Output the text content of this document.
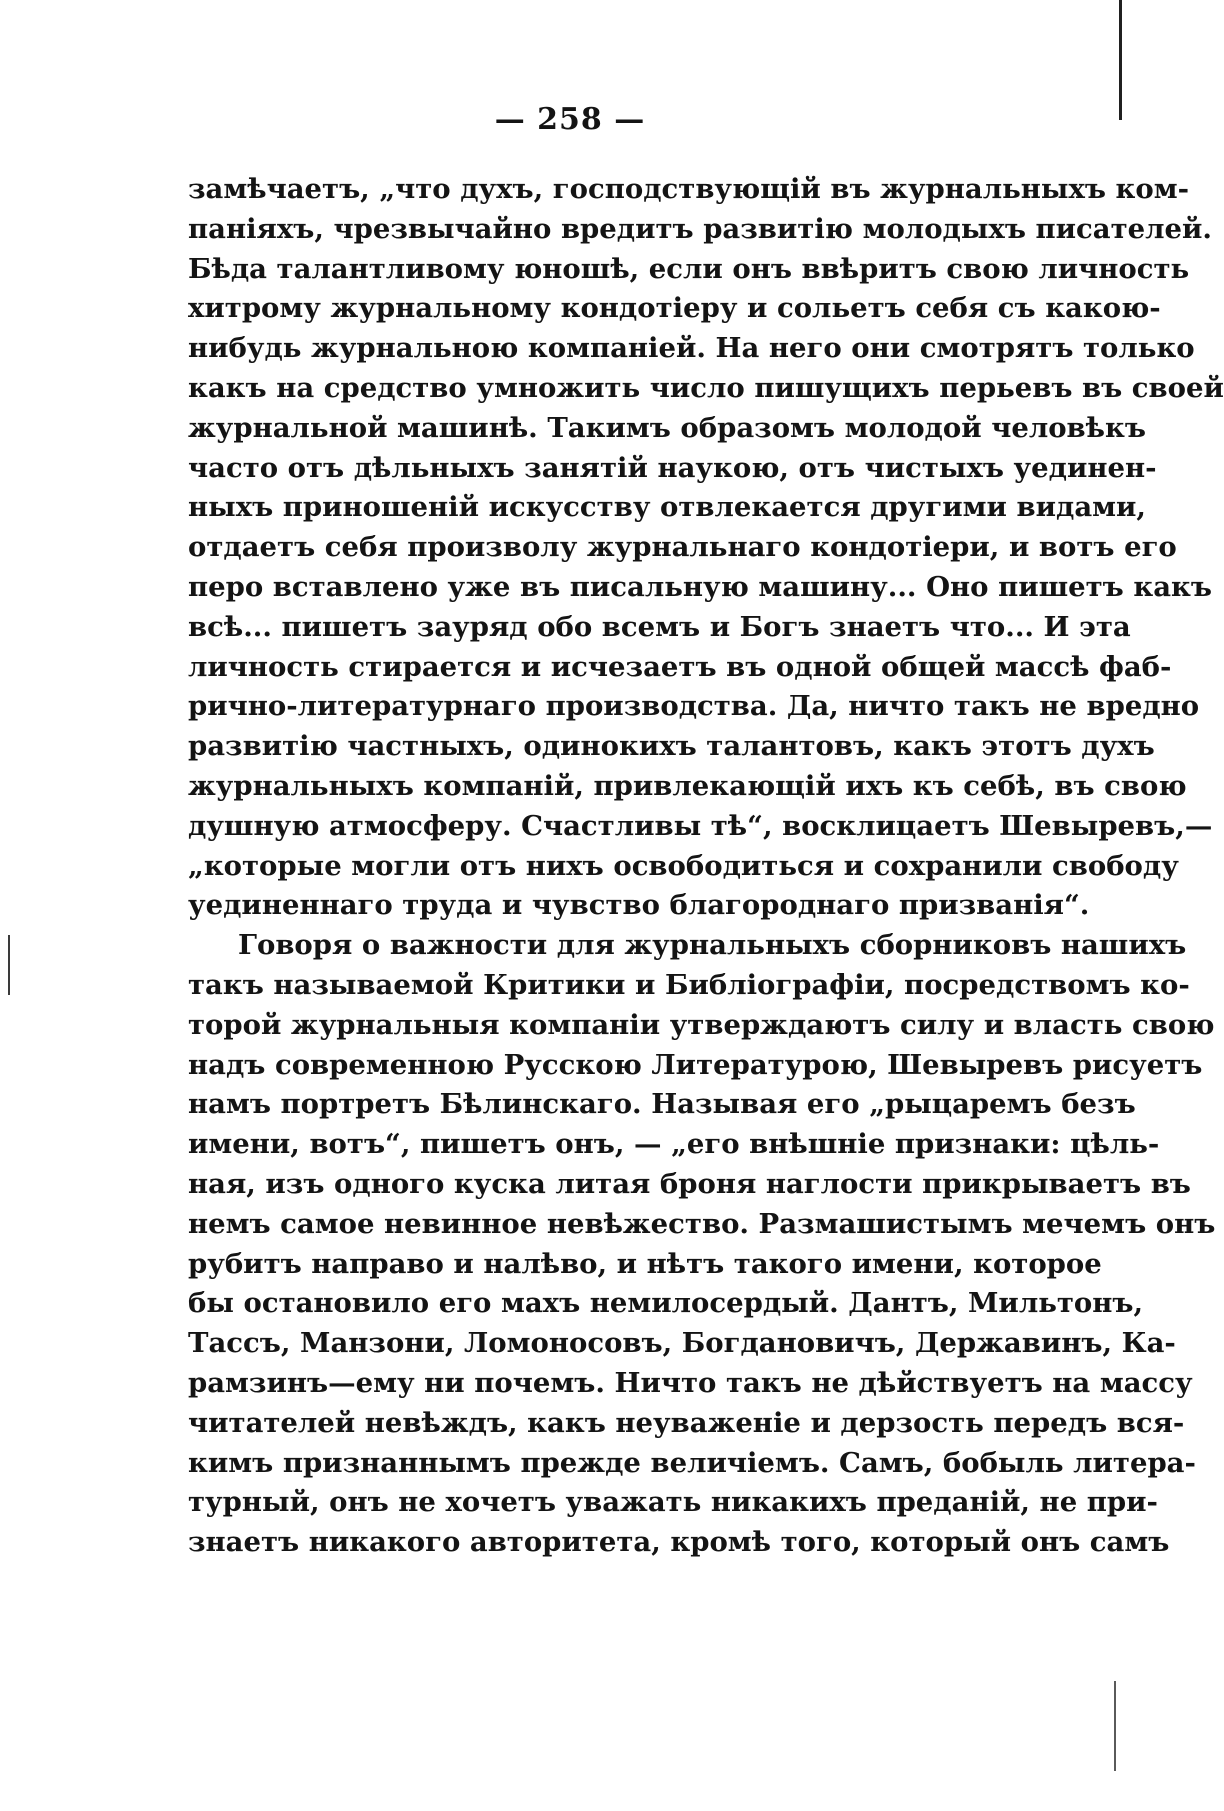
— 258 —
замѣчаетъ, „что духъ, господствующій въ журнальныхъ ком-
паніяхъ, чрезвычайно вредитъ развитію молодыхъ писателей.
Бѣда талантливому юношѣ, если онъ ввѣритъ свою личность
хитрому журнальному кондотіеру и сольетъ себя съ какою-
нибудь журнальною компаніей. На него они смотрятъ только
какъ на средство умножить число пишущихъ перьевъ въ своей
журнальной машинѣ. Такимъ образомъ молодой человѣкъ
часто отъ дѣльныхъ занятій наукою, отъ чистыхъ уединен-
ныхъ приношеній искусству отвлекается другими видами,
отдаетъ себя произволу журнальнаго кондотіери, и вотъ его
перо вставлено уже въ писальную машину... Оно пишетъ какъ
всѣ... пишетъ зауряд обо всемъ и Богъ знаетъ что... И эта
личность стирается и исчезаетъ въ одной общей массѣ фаб-
рично-литературнаго производства. Да, ничто такъ не вредно
развитію частныхъ, одинокихъ талантовъ, какъ этотъ духъ
журнальныхъ компаній, привлекающій ихъ къ себѣ, въ свою
душную атмосферу. Счастливы тѣ“, восклицаетъ Шевыревъ,—
„которые могли отъ нихъ освободиться и сохранили свободу
уединеннаго труда и чувство благороднаго призванія“.
Говоря о важности для журнальныхъ сборниковъ нашихъ
такъ называемой Критики и Библіографіи, посредствомъ ко-
торой журнальныя компаніи утверждаютъ силу и власть свою
надъ современною Русскою Литературою, Шевыревъ рисуетъ
намъ портретъ Бѣлинскаго. Называя его „рыцаремъ безъ
имени, вотъ“, пишетъ онъ, — „его внѣшніе признаки: цѣль-
ная, изъ одного куска литая броня наглости прикрываетъ въ
немъ самое невинное невѣжество. Размашистымъ мечемъ онъ
рубитъ направо и налѣво, и нѣтъ такого имени, которое
бы остановило его махъ немилосердый. Дантъ, Мильтонъ,
Тассъ, Манзони, Ломоносовъ, Богдановичъ, Державинъ, Ка-
рамзинъ—ему ни почемъ. Ничто такъ не дѣйствуетъ на массу
читателей невѣждъ, какъ неуваженіе и дерзость передъ вся-
кимъ признаннымъ прежде величіемъ. Самъ, бобыль литера-
турный, онъ не хочетъ уважать никакихъ преданій, не при-
знаетъ никакого авторитета, кромѣ того, который онъ самъ
